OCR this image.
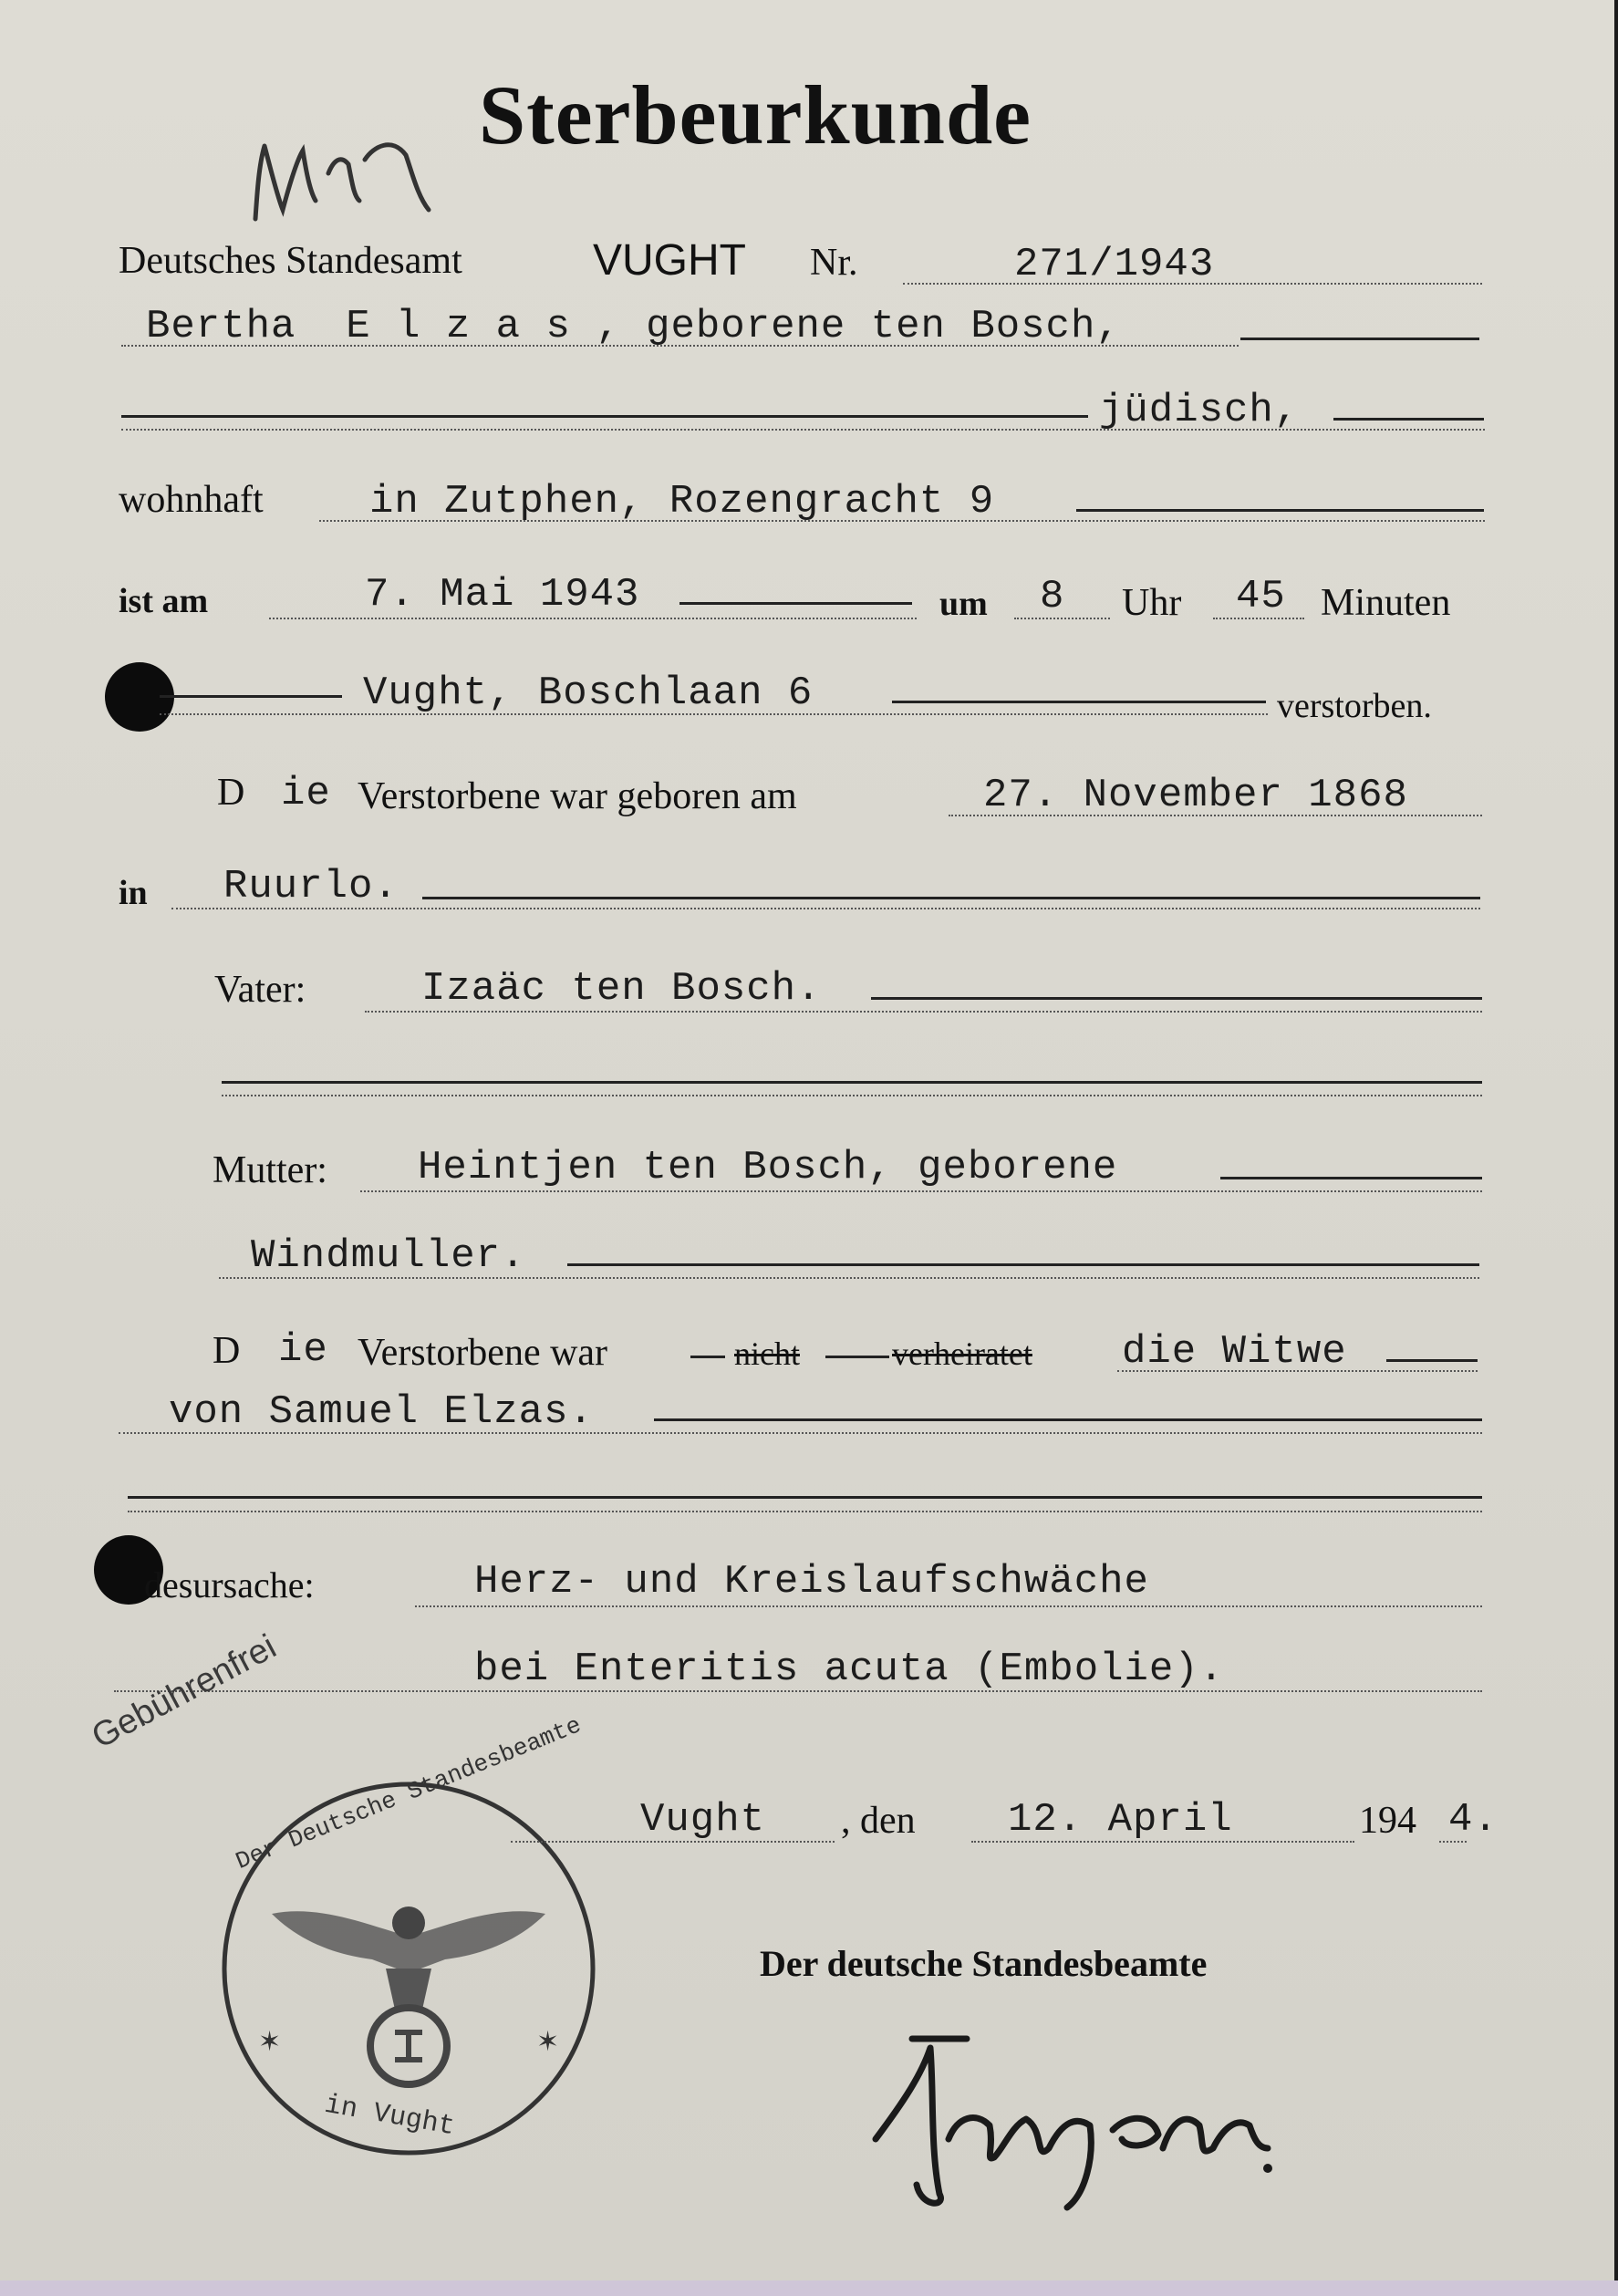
Sterbeurkunde
Deutsches Standesamt	VUGHT Nr.	271/1943
Bertha  E l z a s , geborene ten Bosch,
jüdisch,
wohnhaft	in Zutphen, Rozengracht 9
ist am	7. Mai 1943	um 8 Uhr 45 Minuten
Vught, Boschlaan 6	verstorben.
D ie Verstorbene war geboren am	27. November 1868
in Ruurlo.
Vater:	Izaäc ten Bosch.
Mutter: Heintjen ten Bosch, geborene
Windmuller.
D ie Verstorbene war	nicht	verheiratet die Witwe
von Samuel Elzas.
desursache:	Herz- und Kreislaufschwäche
bei Enteritis acuta (Embolie).
Gebührenfrei
✶	✶
Der Deutsche Standesbeamte
in Vught
Vught , den 12. April	194 4.
Der deutsche Standesbeamte
